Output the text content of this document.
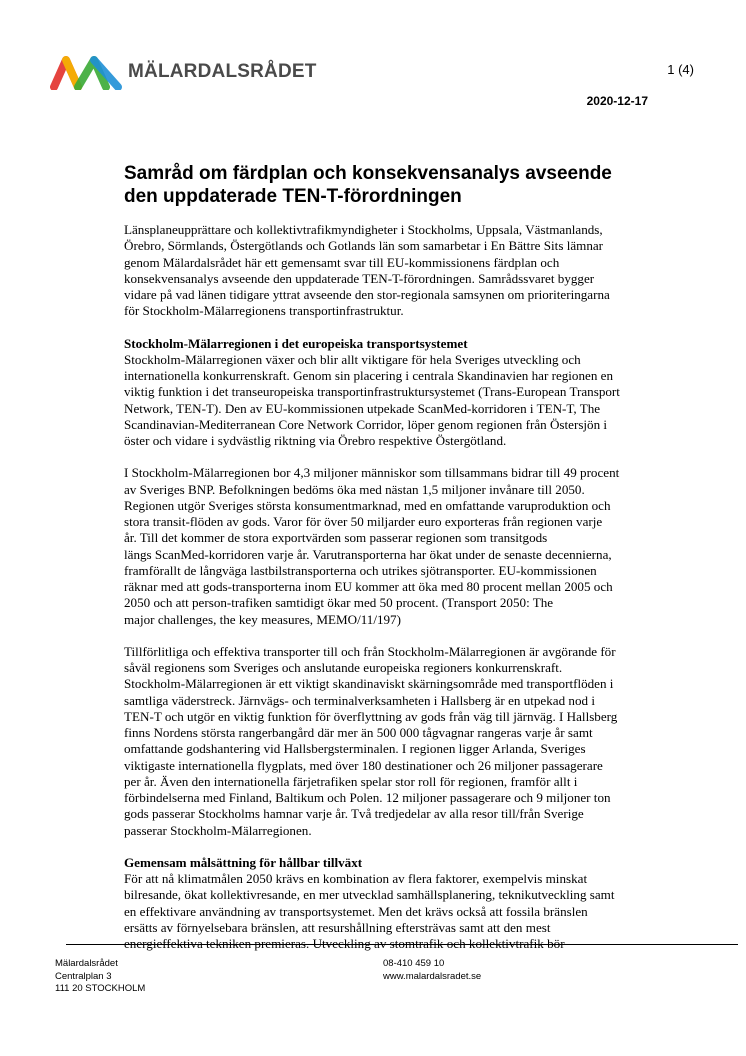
MÄLARDALSRÅDET	1 (4)
2020-12-17
Samråd om färdplan och konsekvensanalys avseende
den uppdaterade TEN-T-förordningen

Länsplaneupprättare och kollektivtrafikmyndigheter i Stockholms, Uppsala, Västmanlands,
Örebro, Sörmlands, Östergötlands och Gotlands län som samarbetar i En Bättre Sits lämnar
genom Mälardalsrådet här ett gemensamt svar till EU-kommissionens färdplan och
konsekvensanalys avseende den uppdaterade TEN-T-förordningen. Samrådssvaret bygger
vidare på vad länen tidigare yttrat avseende den stor-regionala samsynen om prioriteringarna
för Stockholm-Mälarregionens transportinfrastruktur.

Stockholm-Mälarregionen i det europeiska transportsystemet

Stockholm-Mälarregionen växer och blir allt viktigare för hela Sveriges utveckling och
internationella konkurrenskraft. Genom sin placering i centrala Skandinavien har regionen en
viktig funktion i det transeuropeiska transportinfrastruktursystemet (Trans-European Transport
Network, TEN-T). Den av EU-kommissionen utpekade ScanMed-korridoren i TEN-T, The
Scandinavian-Mediterranean Core Network Corridor, löper genom regionen från Östersjön i
öster och vidare i sydvästlig riktning via Örebro respektive Östergötland.

I Stockholm-Mälarregionen bor 4,3 miljoner människor som tillsammans bidrar till 49 procent
av Sveriges BNP. Befolkningen bedöms öka med nästan 1,5 miljoner invånare till 2050.
Regionen utgör Sveriges största konsumentmarknad, med en omfattande varuproduktion och
stora transit-flöden av gods. Varor för över 50 miljarder euro exporteras från regionen varje
år. Till det kommer de stora exportvärden som passerar regionen som transitgods
längs ScanMed-korridoren varje år. Varutransporterna har ökat under de senaste decennierna,
framförallt de långväga lastbilstransporterna och utrikes sjötransporter. EU-kommissionen
räknar med att gods-transporterna inom EU kommer att öka med 80 procent mellan 2005 och
2050 och att person-trafiken samtidigt ökar med 50 procent. (Transport 2050: The
major challenges, the key measures, MEMO/11/197)

Tillförlitliga och effektiva transporter till och från Stockholm-Mälarregionen är avgörande för
såväl regionens som Sveriges och anslutande europeiska regioners konkurrenskraft.
Stockholm-Mälarregionen är ett viktigt skandinaviskt skärningsområde med transportflöden i
samtliga väderstreck. Järnvägs- och terminalverksamheten i Hallsberg är en utpekad nod i
TEN-T och utgör en viktig funktion för överflyttning av gods från väg till järnväg. I Hallsberg
finns Nordens största rangerbangård där mer än 500 000 tågvagnar rangeras varje år samt
omfattande godshantering vid Hallsbergsterminalen. I regionen ligger Arlanda, Sveriges
viktigaste internationella flygplats, med över 180 destinationer och 26 miljoner passagerare
per år. Även den internationella färjetrafiken spelar stor roll för regionen, framför allt i
förbindelserna med Finland, Baltikum och Polen. 12 miljoner passagerare och 9 miljoner ton
gods passerar Stockholms hamnar varje år. Två tredjedelar av alla resor till/från Sverige
passerar Stockholm-Mälarregionen.

Gemensam målsättning för hållbar tillväxt

För att nå klimatmålen 2050 krävs en kombination av flera faktorer, exempelvis minskat
bilresande, ökat kollektivresande, en mer utvecklad samhällsplanering, teknikutveckling samt
en effektivare användning av transportsystemet. Men det krävs också att fossila bränslen
ersätts av förnyelsebara bränslen, att resurshållning eftersträvas samt att den mest
energieffektiva tekniken premieras. Utveckling av stomtrafik och kollektivtrafik bör

Mälardalsrådet
Centralplan 3
111 20 STOCKHOLM
08-410 459 10
www.malardalsradet.se
